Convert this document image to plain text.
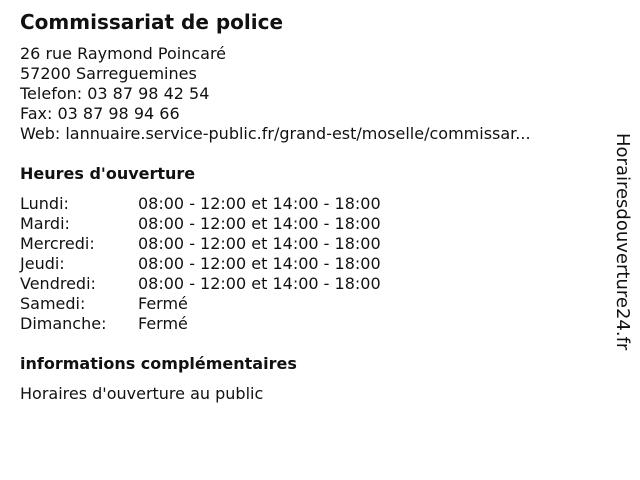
Commissariat de police
26 rue Raymond Poincaré
57200 Sarreguemines
Telefon: 03 87 98 42 54
Fax: 03 87 98 94 66
Web: lannuaire.service-public.fr/grand-est/moselle/commissar...
Heures d'ouverture
Lundi:	08:00 - 12:00 et 14:00 - 18:00
Mardi:	08:00 - 12:00 et 14:00 - 18:00
Mercredi:	08:00 - 12:00 et 14:00 - 18:00
Jeudi:	08:00 - 12:00 et 14:00 - 18:00
Vendredi:	08:00 - 12:00 et 14:00 - 18:00
Samedi:	Fermé
Dimanche:	Fermé
informations complémentaires
Horaires d'ouverture au public
Horairesdouverture24.fr
